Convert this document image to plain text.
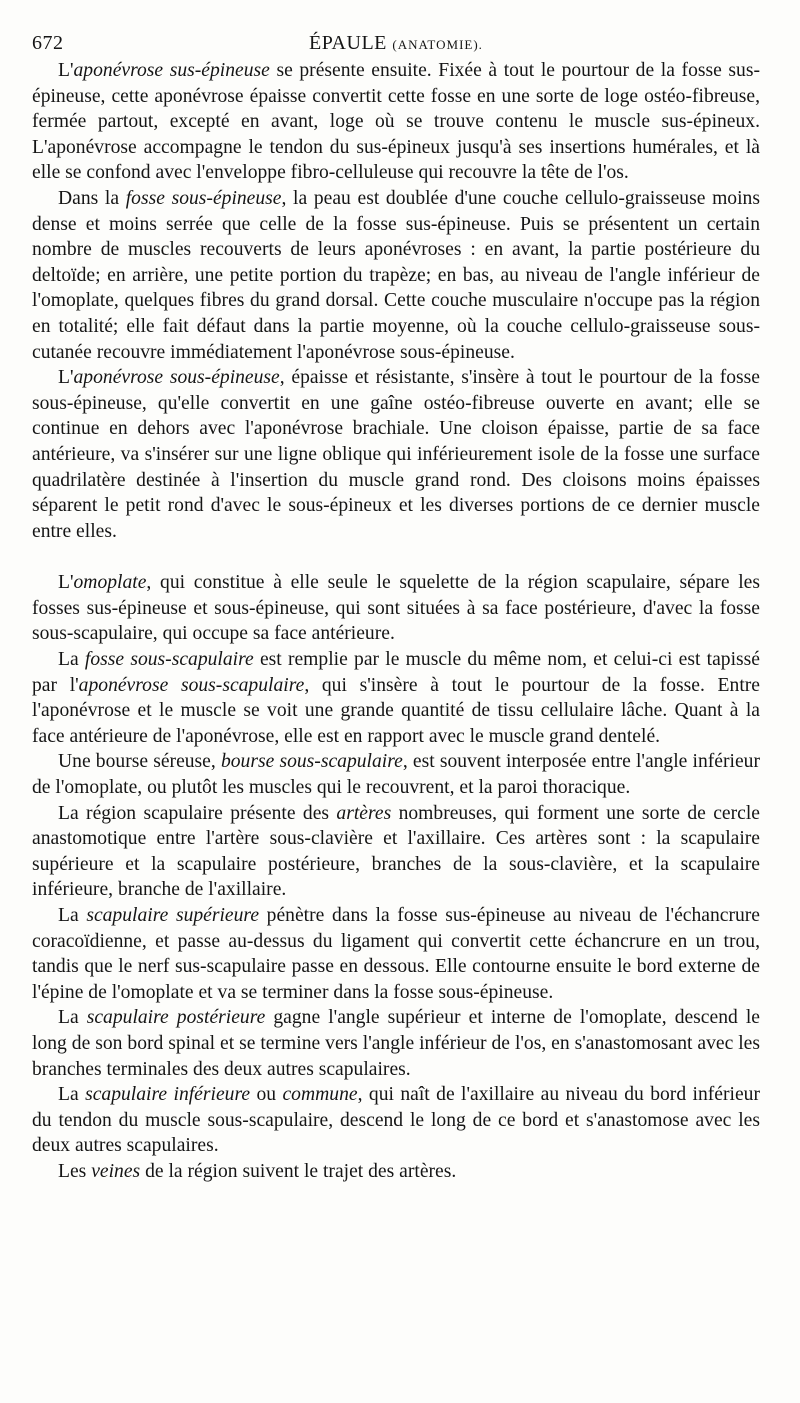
672	ÉPAULE (ANATOMIE).

L'aponévrose sus-épineuse se présente ensuite. Fixée à tout le pourtour de la fosse sus-épineuse, cette aponévrose épaisse convertit cette fosse en une sorte de loge ostéo-fibreuse, fermée partout, excepté en avant, loge où se trouve contenu le muscle sus-épineux. L'aponévrose accompagne le tendon du sus-épineux jusqu'à ses insertions humérales, et là elle se confond avec l'enveloppe fibro-celluleuse qui recouvre la tête de l'os.

Dans la fosse sous-épineuse, la peau est doublée d'une couche cellulo-graisseuse moins dense et moins serrée que celle de la fosse sus-épineuse. Puis se présentent un certain nombre de muscles recouverts de leurs aponévroses : en avant, la partie postérieure du deltoïde; en arrière, une petite portion du trapèze; en bas, au niveau de l'angle inférieur de l'omoplate, quelques fibres du grand dorsal. Cette couche musculaire n'occupe pas la région en totalité; elle fait défaut dans la partie moyenne, où la couche cellulo-graisseuse sous-cutanée recouvre immédiatement l'aponévrose sous-épineuse.

L'aponévrose sous-épineuse, épaisse et résistante, s'insère à tout le pourtour de la fosse sous-épineuse, qu'elle convertit en une gaîne ostéo-fibreuse ouverte en avant; elle se continue en dehors avec l'aponévrose brachiale. Une cloison épaisse, partie de sa face antérieure, va s'insérer sur une ligne oblique qui inférieurement isole de la fosse une surface quadrilatère destinée à l'insertion du muscle grand rond. Des cloisons moins épaisses séparent le petit rond d'avec le sous-épineux et les diverses portions de ce dernier muscle entre elles.

L'omoplate, qui constitue à elle seule le squelette de la région scapulaire, sépare les fosses sus-épineuse et sous-épineuse, qui sont situées à sa face postérieure, d'avec la fosse sous-scapulaire, qui occupe sa face antérieure.

La fosse sous-scapulaire est remplie par le muscle du même nom, et celui-ci est tapissé par l'aponévrose sous-scapulaire, qui s'insère à tout le pourtour de la fosse. Entre l'aponévrose et le muscle se voit une grande quantité de tissu cellulaire lâche. Quant à la face antérieure de l'aponévrose, elle est en rapport avec le muscle grand dentelé.

Une bourse séreuse, bourse sous-scapulaire, est souvent interposée entre l'angle inférieur de l'omoplate, ou plutôt les muscles qui le recouvrent, et la paroi thoracique.

La région scapulaire présente des artères nombreuses, qui forment une sorte de cercle anastomotique entre l'artère sous-clavière et l'axillaire. Ces artères sont : la scapulaire supérieure et la scapulaire postérieure, branches de la sous-clavière, et la scapulaire inférieure, branche de l'axillaire.

La scapulaire supérieure pénètre dans la fosse sus-épineuse au niveau de l'échancrure coracoïdienne, et passe au-dessus du ligament qui convertit cette échancrure en un trou, tandis que le nerf sus-scapulaire passe en dessous. Elle contourne ensuite le bord externe de l'épine de l'omoplate et va se terminer dans la fosse sous-épineuse.

La scapulaire postérieure gagne l'angle supérieur et interne de l'omoplate, descend le long de son bord spinal et se termine vers l'angle inférieur de l'os, en s'anastomosant avec les branches terminales des deux autres scapulaires.

La scapulaire inférieure ou commune, qui naît de l'axillaire au niveau du bord inférieur du tendon du muscle sous-scapulaire, descend le long de ce bord et s'anastomose avec les deux autres scapulaires.

Les veines de la région suivent le trajet des artères.
